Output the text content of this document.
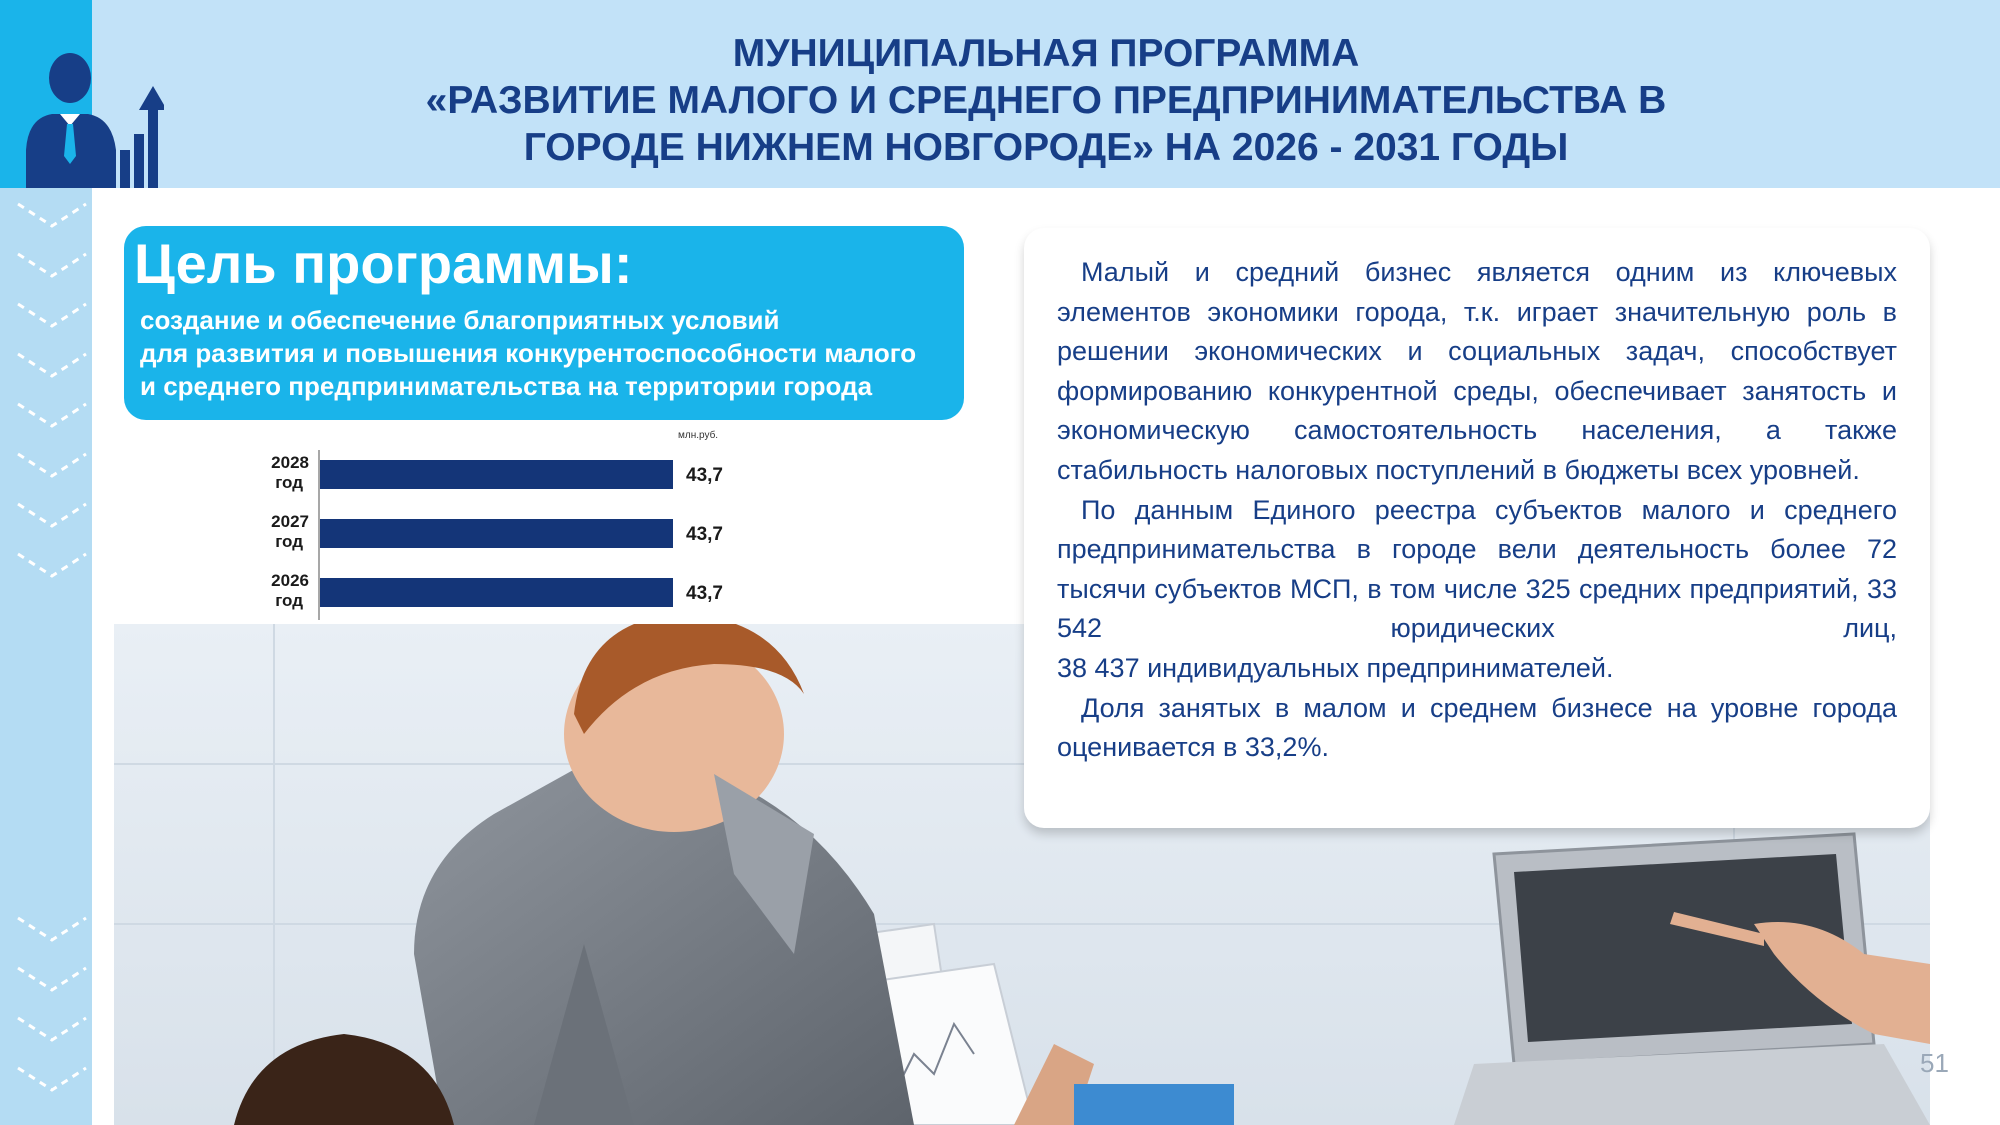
МУНИЦИПАЛЬНАЯ ПРОГРАММА
«РАЗВИТИЕ МАЛОГО И СРЕДНЕГО ПРЕДПРИНИМАТЕЛЬСТВА В
ГОРОДЕ НИЖНЕМ НОВГОРОДЕ» НА 2026 - 2031 ГОДЫ
Цель программы:
создание и обеспечение благоприятных условий
для развития и повышения конкурентоспособности малого
и среднего предпринимательства на территории города
2028
год
2027
год
2026
год
43,7
43,7
43,7
млн.руб.

Малый и средний бизнес является одним из ключевых элементов экономики города, т.к. играет значительную роль в решении экономических и социальных задач, способствует формированию конкурентной среды, обеспечивает занятость и экономическую самостоятельность населения, а также стабильность налоговых поступлений в бюджеты всех уровней.

По данным Единого реестра субъектов малого и среднего предпринимательства в городе вели деятельность более 72 тысячи субъектов МСП, в том числе 325 средних предприятий, 33 542 юридических лиц,

38 437 индивидуальных предпринимателей.

Доля занятых в малом и среднем бизнесе на уровне города оценивается в 33,2%.

51
